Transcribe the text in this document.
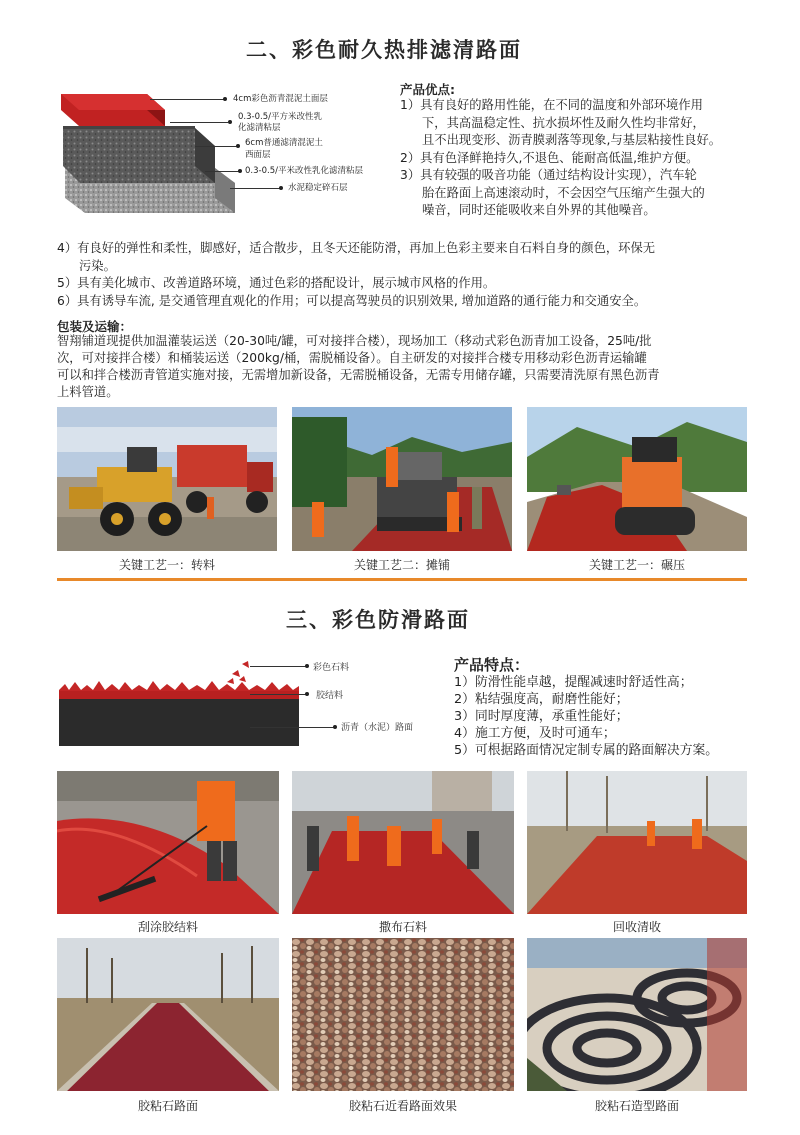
二、彩色耐久热排滤清路面
4cm彩色沥青混泥土面层
0.3-0.5/平方米改性乳
化滤清粘层
6cm普通滤清混泥土
西面层
0.3-0.5/平米改性乳化滤清粘层
水泥稳定碎石层
产品优点:
1）具有良好的路用性能，在不同的温度和外部环境作用
下，其高温稳定性、抗水损坏性及耐久性均非常好，
且不出现变形、沥青膜剥落等现象,与基层粘接性良好。
2）具有色泽鲜艳持久,不退色、能耐高低温,维护方便。
3）具有较强的吸音功能（通过结构设计实现），汽车轮
胎在路面上高速滚动时，不会因空气压缩产生强大的
噪音，同时还能吸收来自外界的其他噪音。
4）有良好的弹性和柔性，脚感好，适合散步，且冬天还能防滑，再加上色彩主要来自石料自身的颜色，环保无
污染。
5）具有美化城市、改善道路环境，通过色彩的搭配设计，展示城市风格的作用。
6）具有诱导车流, 是交通管理直观化的作用；可以提高驾驶员的识别效果, 增加道路的通行能力和交通安全。
包装及运输：
智翔铺道现提供加温灌装运送（20-30吨/罐，可对接拌合楼），现场加工（移动式彩色沥青加工设备，25吨/批
次，可对接拌合楼）和桶装运送（200kg/桶，需脱桶设备）。自主研发的对接拌合楼专用移动彩色沥青运输罐
可以和拌合楼沥青管道实施对接，无需增加新设备，无需脱桶设备，无需专用储存罐，只需要清洗原有黑色沥青
上料管道。
关键工艺一：转料	关键工艺二：摊铺	关键工艺一：碾压
三、彩色防滑路面
彩色石料
胶结料
沥青（水泥）路面
产品特点：
1）防滑性能卓越，提醒减速时舒适性高；
2）粘结强度高，耐磨性能好；
3）同时厚度薄，承重性能好；
4）施工方便，及时可通车；
5）可根据路面情况定制专属的路面解决方案。
刮涂胶结料	撒布石料	回收清收
胶粘石路面	胶粘石近看路面效果	胶粘石造型路面
